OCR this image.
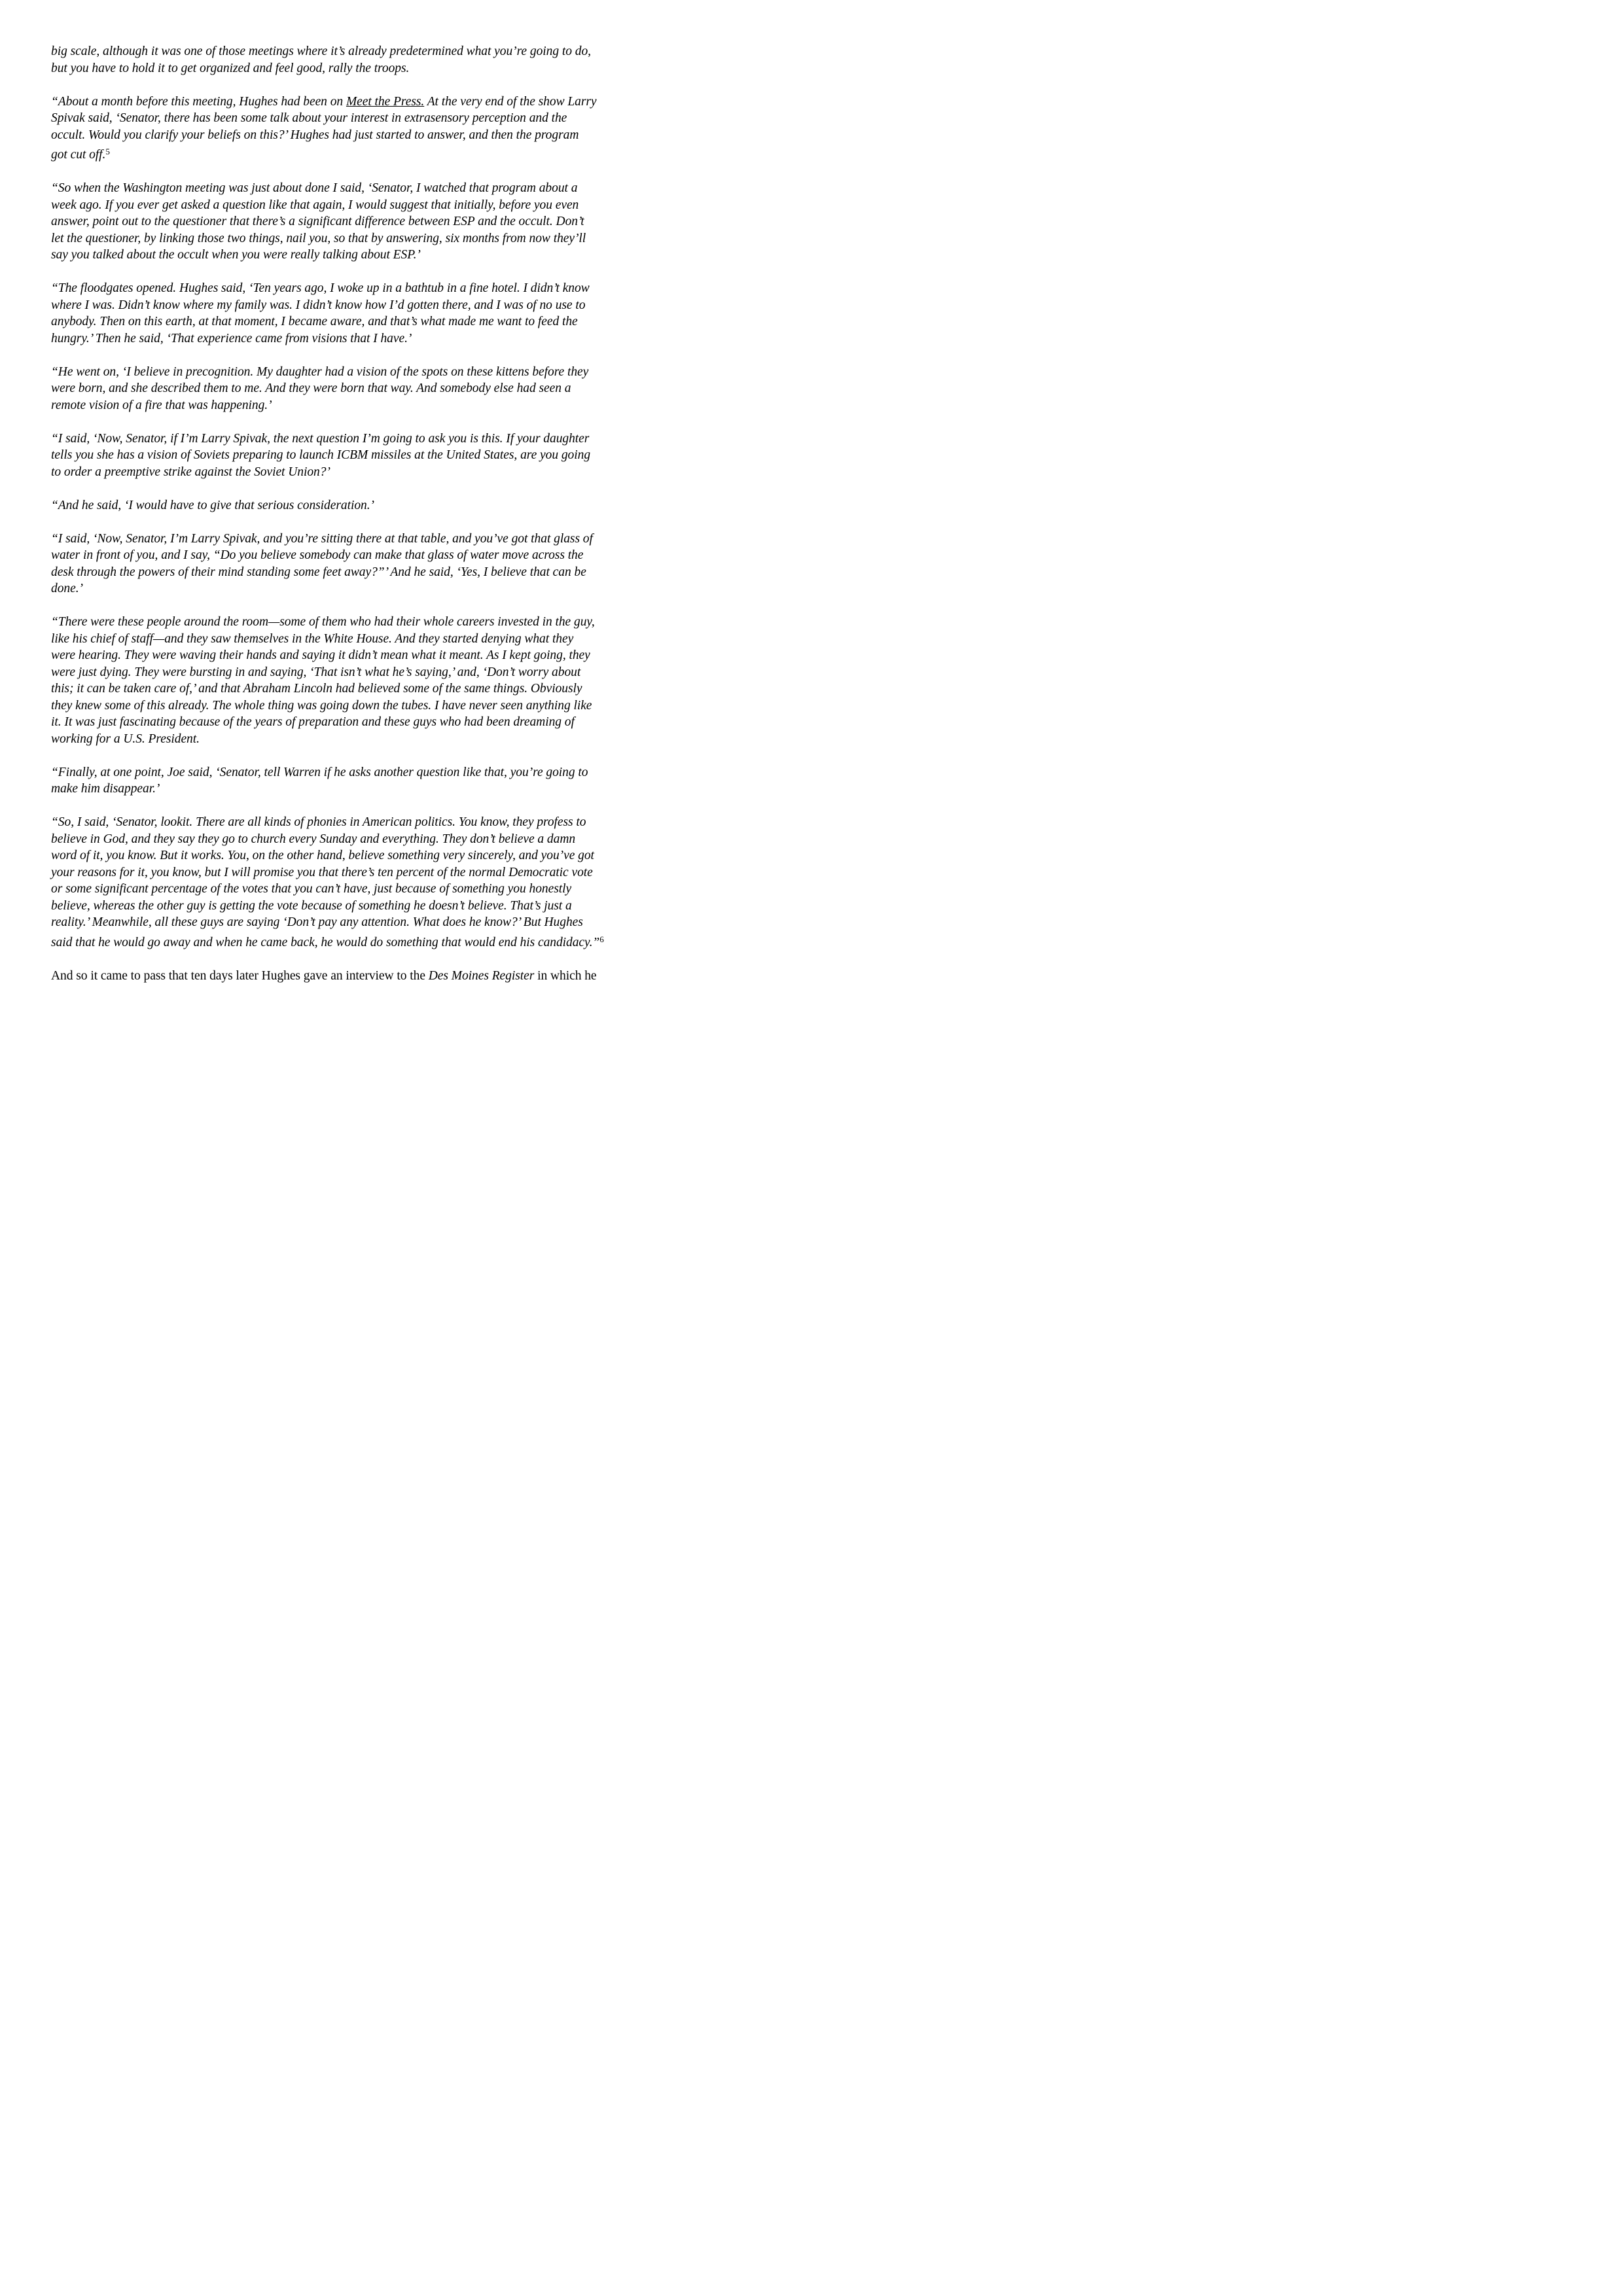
big scale, although it was one of those meetings where it’s already predetermined what you’re going to do,
but you have to hold it to get organized and feel good, rally the troops.

“About a month before this meeting, Hughes had been on Meet the Press. At the very end of the show Larry
Spivak said, ‘Senator, there has been some talk about your interest in extrasensory perception and the
occult. Would you clarify your beliefs on this?’ Hughes had just started to answer, and then the program
got cut off.$^5$

“So when the Washington meeting was just about done I said, ‘Senator, I watched that program about a
week ago. If you ever get asked a question like that again, I would suggest that initially, before you even
answer, point out to the questioner that there’s a significant difference between ESP and the occult. Don’t
let the questioner, by linking those two things, nail you, so that by answering, six months from now they’ll
say you talked about the occult when you were really talking about ESP.’

“The floodgates opened. Hughes said, ‘Ten years ago, I woke up in a bathtub in a fine hotel. I didn’t know
where I was. Didn’t know where my family was. I didn’t know how I’d gotten there, and I was of no use to
anybody. Then on this earth, at that moment, I became aware, and that’s what made me want to feed the
hungry.’ Then he said, ‘That experience came from visions that I have.’

“He went on, ‘I believe in precognition. My daughter had a vision of the spots on these kittens before they
were born, and she described them to me. And they were born that way. And somebody else had seen a
remote vision of a fire that was happening.’

“I said, ‘Now, Senator, if I’m Larry Spivak, the next question I’m going to ask you is this. If your daughter
tells you she has a vision of Soviets preparing to launch ICBM missiles at the United States, are you going
to order a preemptive strike against the Soviet Union?’

“And he said, ‘I would have to give that serious consideration.’

“I said, ‘Now, Senator, I’m Larry Spivak, and you’re sitting there at that table, and you’ve got that glass of
water in front of you, and I say, “Do you believe somebody can make that glass of water move across the
desk through the powers of their mind standing some feet away?”’ And he said, ‘Yes, I believe that can be
done.’

“There were these people around the room—some of them who had their whole careers invested in the guy,
like his chief of staff—and they saw themselves in the White House. And they started denying what they
were hearing. They were waving their hands and saying it didn’t mean what it meant. As I kept going, they
were just dying. They were bursting in and saying, ‘That isn’t what he’s saying,’ and, ‘Don’t worry about
this; it can be taken care of,’ and that Abraham Lincoln had believed some of the same things. Obviously
they knew some of this already. The whole thing was going down the tubes. I have never seen anything like
it. It was just fascinating because of the years of preparation and these guys who had been dreaming of
working for a U.S. President.

“Finally, at one point, Joe said, ‘Senator, tell Warren if he asks another question like that, you’re going to
make him disappear.’

“So, I said, ‘Senator, lookit. There are all kinds of phonies in American politics. You know, they profess to
believe in God, and they say they go to church every Sunday and everything. They don’t believe a damn
word of it, you know. But it works. You, on the other hand, believe something very sincerely, and you’ve got
your reasons for it, you know, but I will promise you that there’s ten percent of the normal Democratic vote
or some significant percentage of the votes that you can’t have, just because of something you honestly
believe, whereas the other guy is getting the vote because of something he doesn’t believe. That’s just a
reality.’ Meanwhile, all these guys are saying ‘Don’t pay any attention. What does he know?’ But Hughes
said that he would go away and when he came back, he would do something that would end his candidacy.”$^6$

And so it came to pass that ten days later Hughes gave an interview to the Des Moines Register in which he
